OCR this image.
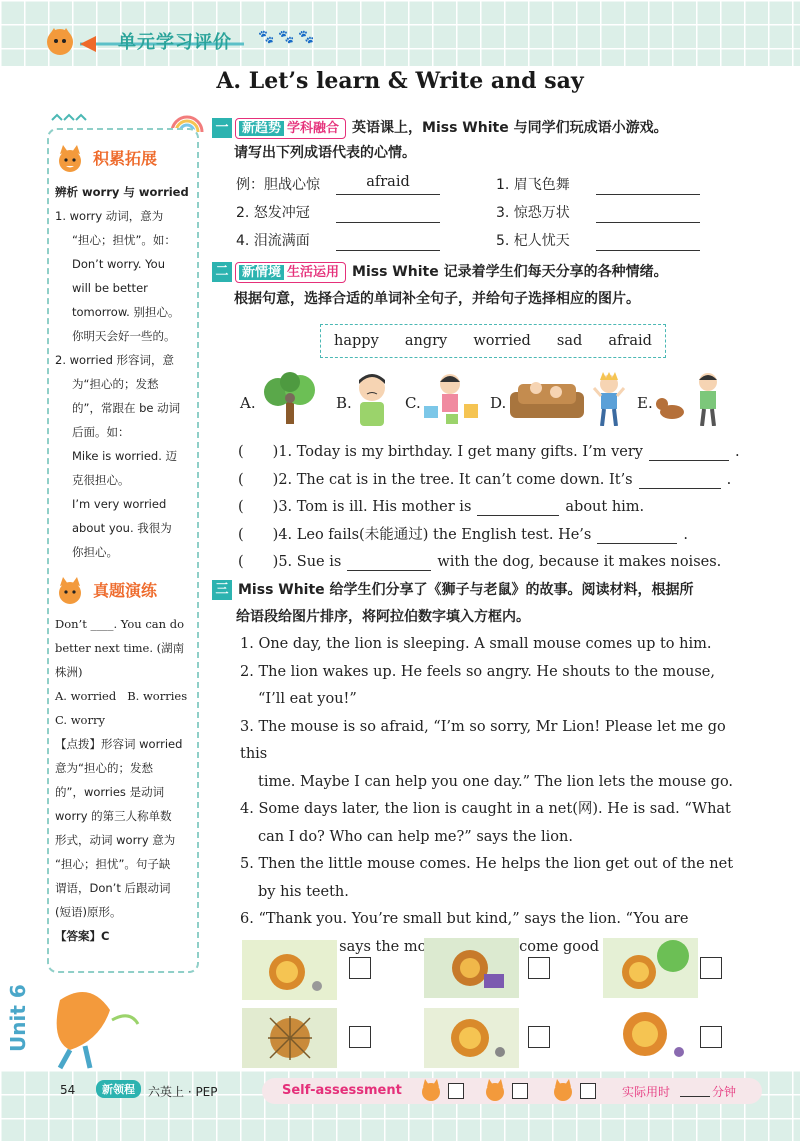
单元学习评价 🐾🐾🐾
A. Let’s learn & Write and say
积累拓展
辨析 worry 与 worried
1. worry 动词，意为
“担心；担忧”。如：
Don’t worry. You
will be better
tomorrow. 别担心。
你明天会好一些的。
2. worried 形容词，意
为“担心的；发愁
的”，常跟在 be 动词
后面。如：
Mike is worried. 迈
克很担心。
I’m very worried
about you. 我很为
你担心。
真题演练
Don’t ____. You can do
better next time. (湖南
株洲)
A. worried B. worries
C. worry
【点拨】形容词 worried
意为“担心的；发愁
的”，worries 是动词
worry 的第三人称单数
形式，动词 worry 意为
“担心；担忧”。句子缺
谓语，Don’t 后跟动词
(短语)原形。
【答案】C
一	新趋势 学科融合 英语课上，Miss White 与同学们玩成语小游戏。
请写出下列成语代表的心情。
例：胆战心惊	afraid	1. 眉飞色舞
2. 怒发冲冠	3. 惊恐万状
4. 泪流满面	5. 杞人忧天
二	新情境 生活运用 Miss White 记录着学生们每天分享的各种情绪。
根据句意，选择合适的单词补全句子，并给句子选择相应的图片。
happy angry worried sad afraid
A.	B.	C.	D.	E.
(　　)1. Today is my birthday. I get many gifts. I’m very	.
(　　)2. The cat is in the tree. It can’t come down. It’s	.
(　　)3. Tom is ill. His mother is	about him.
(　　)4. Leo fails(未能通过) the English test. He’s	.
(　　)5. Sue is	with the dog, because it makes noises.
三 Miss White 给学生们分享了《狮子与老鼠》的故事。阅读材料，根据所
给语段给图片排序，将阿拉伯数字填入方框内。
1. One day, the lion is sleeping. A small mouse comes up to him.
2. The lion wakes up. He feels so angry. He shouts to the mouse,
“I’ll eat you!”
3. The mouse is so afraid, “I’m so sorry, Mr Lion! Please let me go this
time. Maybe I can help you one day.” The lion lets the mouse go.
4. Some days later, the lion is caught in a net(网). He is sad. “What
can I do? Who can help me?” says the lion.
5. Then the little mouse comes. He helps the lion get out of the net
by his teeth.
6. “Thank you. You’re small but kind,” says the lion. “You are
says the become good
Unit 6
54	新领程	六英上 · PEP	Self-assessment	实际用时	分钟
